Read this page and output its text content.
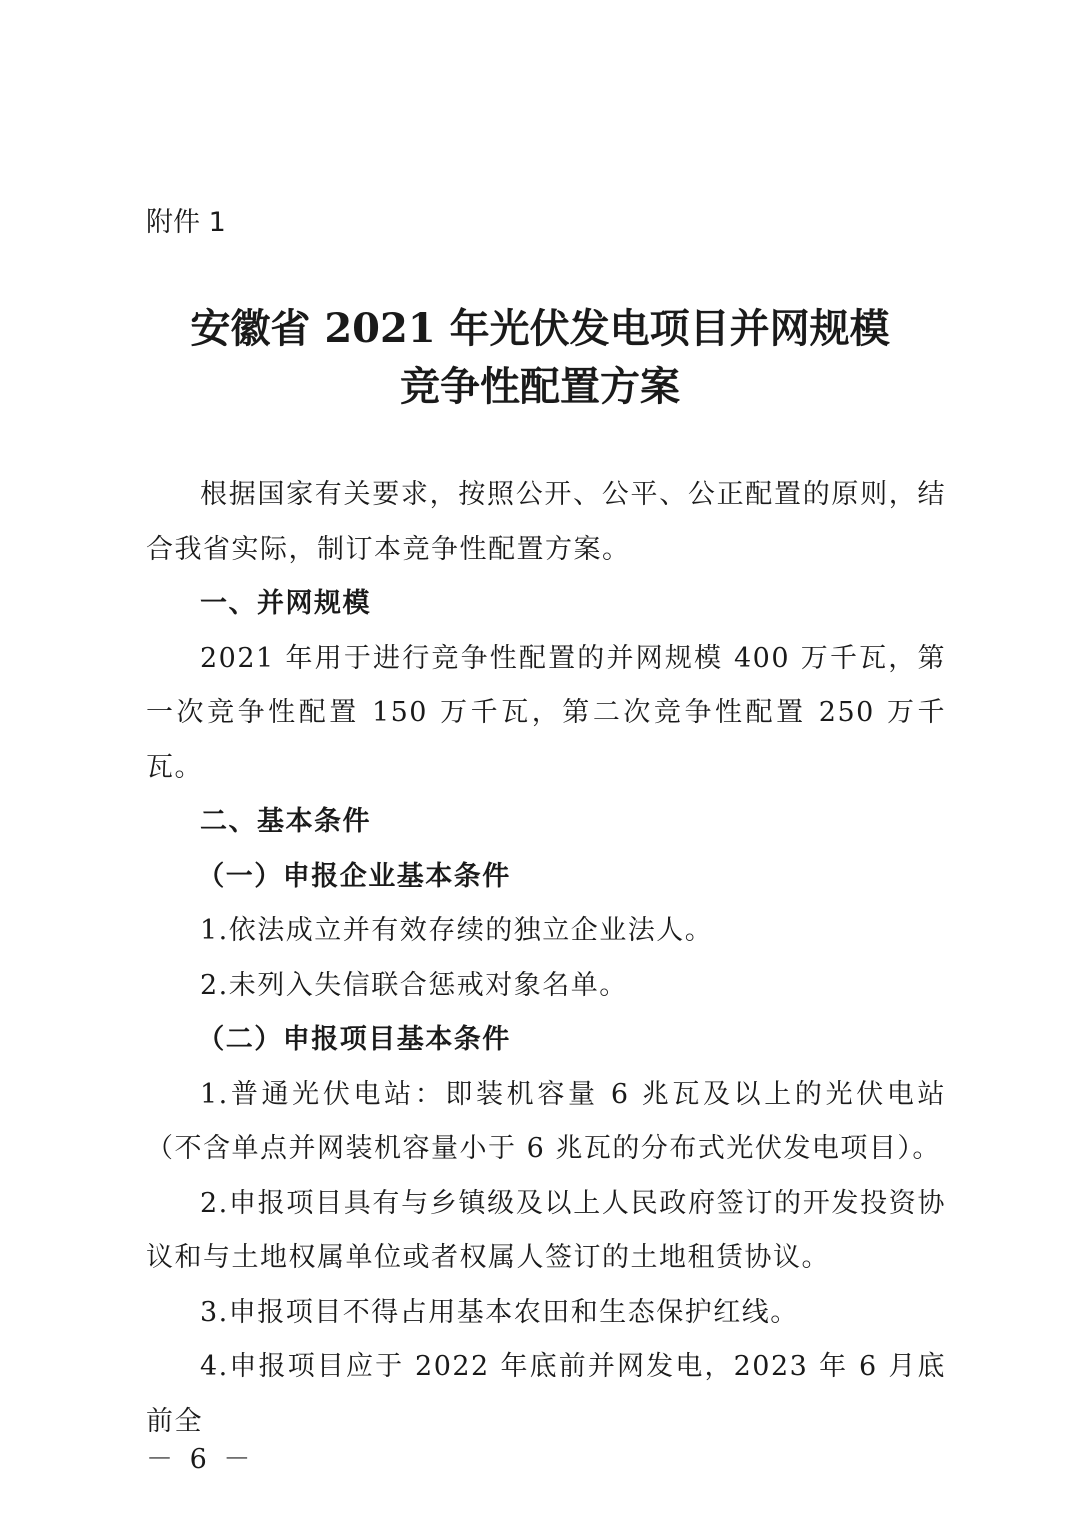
附件 1
安徽省 2021 年光伏发电项目并网规模
竞争性配置方案

根据国家有关要求，按照公开、公平、公正配置的原则，结合我省实际，制订本竞争性配置方案。

一、并网规模

2021 年用于进行竞争性配置的并网规模 400 万千瓦，第一次竞争性配置 150 万千瓦，第二次竞争性配置 250 万千瓦。

二、基本条件

（一）申报企业基本条件

1.依法成立并有效存续的独立企业法人。

2.未列入失信联合惩戒对象名单。

（二）申报项目基本条件

1.普通光伏电站：即装机容量 6 兆瓦及以上的光伏电站（不含单点并网装机容量小于 6 兆瓦的分布式光伏发电项目）。

2.申报项目具有与乡镇级及以上人民政府签订的开发投资协议和与土地权属单位或者权属人签订的土地租赁协议。

3.申报项目不得占用基本农田和生态保护红线。

4.申报项目应于 2022 年底前并网发电，2023 年 6 月底前全

－ 6 －
